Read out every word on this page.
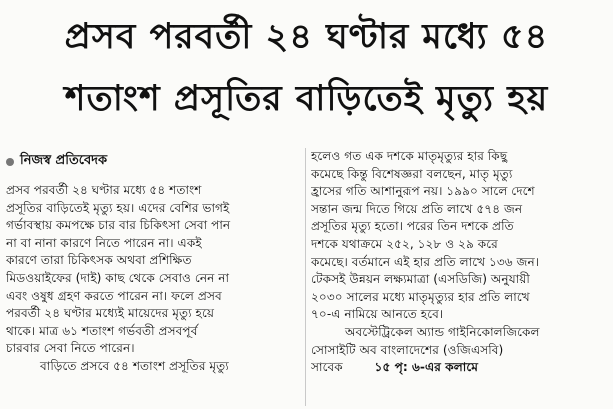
প্রসব পরবর্তী ২৪ ঘণ্টার মধ্যে ৫৪
শতাংশ প্রসূতির বাড়িতেই মৃত্যু হয়
নিজস্ব প্রতিবেদক
প্রসব পরবর্তী ২৪ ঘণ্টার মধ্যে ৫৪ শতাংশ
প্রসূতির বাড়িতেই মৃত্যু হয়। এদের বেশির ভাগই
গর্ভাবস্থায় কমপক্ষে চার বার চিকিৎসা সেবা পান
না বা নানা কারণে নিতে পারেন না। একই
কারণে তারা চিকিৎসক অথবা প্রশিক্ষিত
মিডওয়াইফের (দাই) কাছ থেকে সেবাও নেন না
এবং ওষুধ গ্রহণ করতে পারেন না। ফলে প্রসব
পরবর্তী ২৪ ঘণ্টার মধ্যেই মায়েদের মৃত্যু হয়ে
থাকে। মাত্র ৬১ শতাংশ গর্ভবতী প্রসবপূর্ব
চারবার সেবা নিতে পারেন।
বাড়িতে প্রসবে ৫৪ শতাংশ প্রসূতির মৃত্যু
হলেও গত এক দশকে মাতৃমৃত্যুর হার কিছু
কমেছে কিন্তু বিশেষজ্ঞরা বলছেন, মাতৃ মৃত্যু
হ্রাসের গতি আশানুরূপ নয়। ১৯৯০ সালে দেশে
সন্তান জন্ম দিতে গিয়ে প্রতি লাখে ৫৭৪ জন
প্রসূতির মৃত্যু হতো। পরের তিন দশকে প্রতি
দশকে যথাক্রমে ২৫২, ১২৮ ও ২৯ করে
কমেছে। বর্তমানে এই হার প্রতি লাখে ১৩৬ জন।
টেকসই উন্নয়ন লক্ষ্যমাত্রা (এসডিজি) অনুযায়ী
২০৩০ সালের মধ্যে মাতৃমৃত্যুর হার প্রতি লাখে
৭০-এ নামিয়ে আনতে হবে।
অবস্টেট্রিকেল অ্যান্ড গাইনিকোলজিকেল
সোসাইটি অব বাংলাদেশের (ওজিএসবি)
সাবেক	১৫ পৃ: ৬-এর কলামে
